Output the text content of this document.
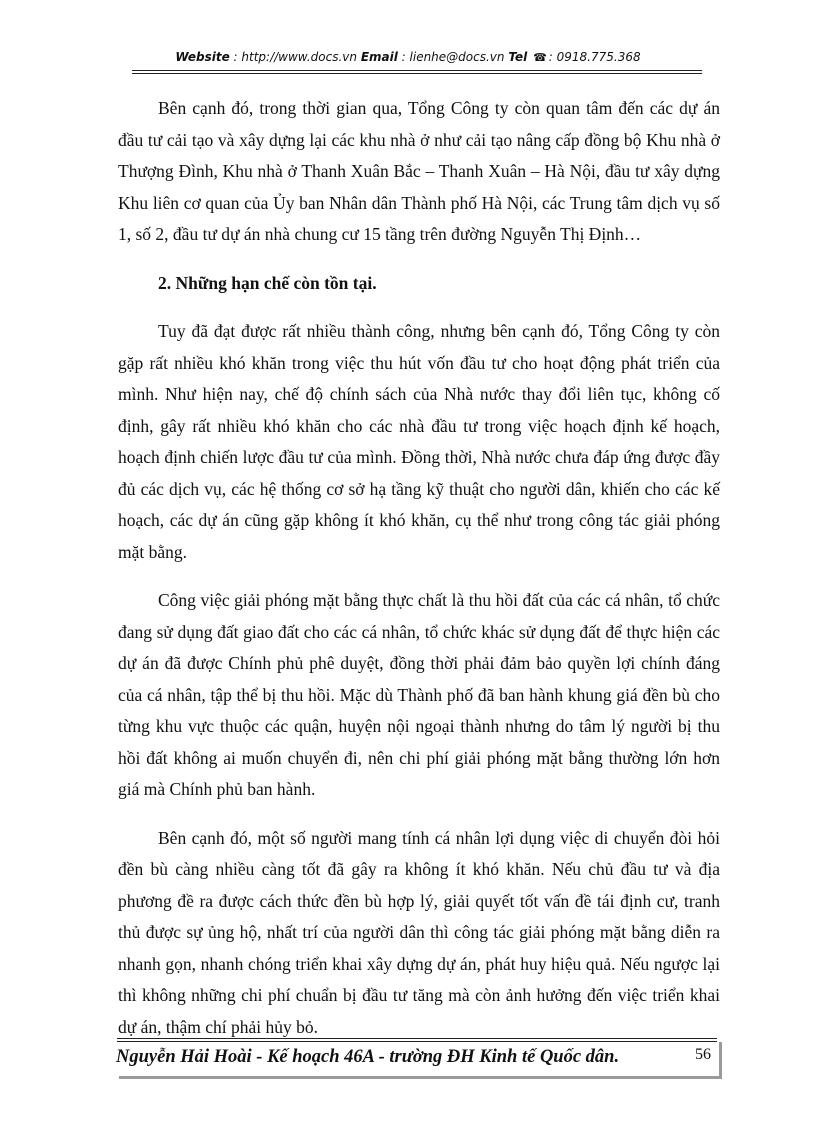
Website : http://www.docs.vn Email : lienhe@docs.vn Tel ☎ : 0918.775.368

Bên cạnh đó, trong thời gian qua, Tổng Công ty còn quan tâm đến các dự án đầu tư cải tạo và xây dựng lại các khu nhà ở như cải tạo nâng cấp đồng bộ Khu nhà ở Thượng Đình, Khu nhà ở Thanh Xuân Bắc – Thanh Xuân – Hà Nội, đầu tư xây dựng Khu liên cơ quan của Ủy ban Nhân dân Thành phố Hà Nội, các Trung tâm dịch vụ số 1, số 2, đầu tư dự án nhà chung cư 15 tầng trên đường Nguyễn Thị Định…

2. Những hạn chế còn tồn tại.

Tuy đã đạt được rất nhiều thành công, nhưng bên cạnh đó, Tổng Công ty còn gặp rất nhiều khó khăn trong việc thu hút vốn đầu tư cho hoạt động phát triển của mình. Như hiện nay, chế độ chính sách của Nhà nước thay đổi liên tục, không cố định, gây rất nhiều khó khăn cho các nhà đầu tư trong việc hoạch định kế hoạch, hoạch định chiến lược đầu tư của mình. Đồng thời, Nhà nước chưa đáp ứng được đầy đủ các dịch vụ, các hệ thống cơ sở hạ tầng kỹ thuật cho người dân, khiến cho các kế hoạch, các dự án cũng gặp không ít khó khăn, cụ thể như trong công tác giải phóng mặt bằng.

Công việc giải phóng mặt bằng thực chất là thu hồi đất của các cá nhân, tổ chức đang sử dụng đất giao đất cho các cá nhân, tổ chức khác sử dụng đất để thực hiện các dự án đã được Chính phủ phê duyệt, đồng thời phải đảm bảo quyền lợi chính đáng của cá nhân, tập thể bị thu hồi. Mặc dù Thành phố đã ban hành khung giá đền bù cho từng khu vực thuộc các quận, huyện nội ngoại thành nhưng do tâm lý người bị thu hồi đất không ai muốn chuyển đi, nên chi phí giải phóng mặt bằng thường lớn hơn giá mà Chính phủ ban hành.

Bên cạnh đó, một số người mang tính cá nhân lợi dụng việc di chuyển đòi hỏi đền bù càng nhiều càng tốt đã gây ra không ít khó khăn. Nếu chủ đầu tư và địa phương đề ra được cách thức đền bù hợp lý, giải quyết tốt vấn đề tái định cư, tranh thủ được sự ủng hộ, nhất trí của người dân thì công tác giải phóng mặt bằng diễn ra nhanh gọn, nhanh chóng triển khai xây dựng dự án, phát huy hiệu quả. Nếu ngược lại thì không những chi phí chuẩn bị đầu tư tăng mà còn ảnh hưởng đến việc triển khai dự án, thậm chí phải hủy bỏ.

Nguyễn Hải Hoài - Kế hoạch 46A - trường ĐH Kinh tế Quốc dân.	56
